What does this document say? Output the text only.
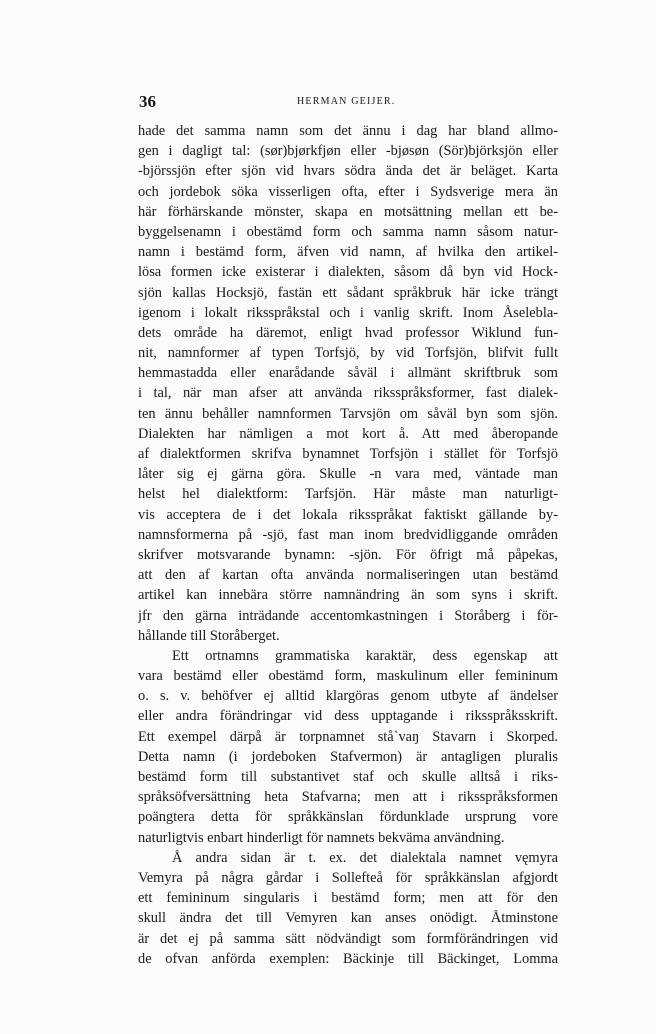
36	HERMAN GEIJER.
hade det samma namn som det ännu i dag har bland allmo-
gen i dagligt tal: (sør)bjørkfjøn eller -bjøsøn (Sör)björksjön eller
-björssjön efter sjön vid hvars södra ända det är beläget. Karta
och jordebok söka visserligen ofta, efter i Sydsverige mera än
här förhärskande mönster, skapa en motsättning mellan ett be-
byggelsenamn i obestämd form och samma namn såsom natur-
namn i bestämd form, äfven vid namn, af hvilka den artikel-
lösa formen icke existerar i dialekten, såsom då byn vid Hock-
sjön kallas Hocksjö, fastän ett sådant språkbruk här icke trängt
igenom i lokalt riksspråkstal och i vanlig skrift. Inom Åselebla-
dets område ha däremot, enligt hvad professor Wiklund fun-
nit, namnformer af typen Torfsjö, by vid Torfsjön, blifvit fullt
hemmastadda eller enarådande såväl i allmänt skriftbruk som
i tal, när man afser att använda riksspråksformer, fast dialek-
ten ännu behåller namnformen Tarvsjön om såväl byn som sjön.
Dialekten har nämligen a mot kort å. Att med åberopande
af dialektformen skrifva bynamnet Torfsjön i stället för Torfsjö
låter sig ej gärna göra. Skulle -n vara med, väntade man
helst hel dialektform: Tarfsjön. Här måste man naturligt-
vis acceptera de i det lokala riksspråkat faktiskt gällande by-
namnsformerna på -sjö, fast man inom bredvidliggande områden
skrifver motsvarande bynamn: -sjön. För öfrigt må påpekas,
att den af kartan ofta använda normaliseringen utan bestämd
artikel kan innebära större namnändring än som syns i skrift.
jfr den gärna inträdande accentomkastningen i Storåberg i för-
hållande till Storåberget.
Ett ortnamns grammatiska karaktär, dess egenskap att
vara bestämd eller obestämd form, maskulinum eller femininum
o. s. v. behöfver ej alltid klargöras genom utbyte af ändelser
eller andra förändringar vid dess upptagande i riksspråksskrift.
Ett exempel därpå är torpnamnet stå`vaŋ Stavarn i Skorped.
Detta namn (i jordeboken Stafvermon) är antagligen pluralis
bestämd form till substantivet staf och skulle alltså i riks-
språksöfversättning heta Stafvarna; men att i riksspråksformen
poängtera detta för språkkänslan fördunklade ursprung vore
naturligtvis enbart hinderligt för namnets bekväma användning.
Å andra sidan är t. ex. det dialektala namnet vęmyra
Vemyra på några gårdar i Sollefteå för språkkänslan afgjordt
ett femininum singularis i bestämd form; men att för den
skull ändra det till Vemyren kan anses onödigt. Åtminstone
är det ej på samma sätt nödvändigt som formförändringen vid
de ofvan anförda exemplen: Bäckinje till Bäckinget, Lomma
